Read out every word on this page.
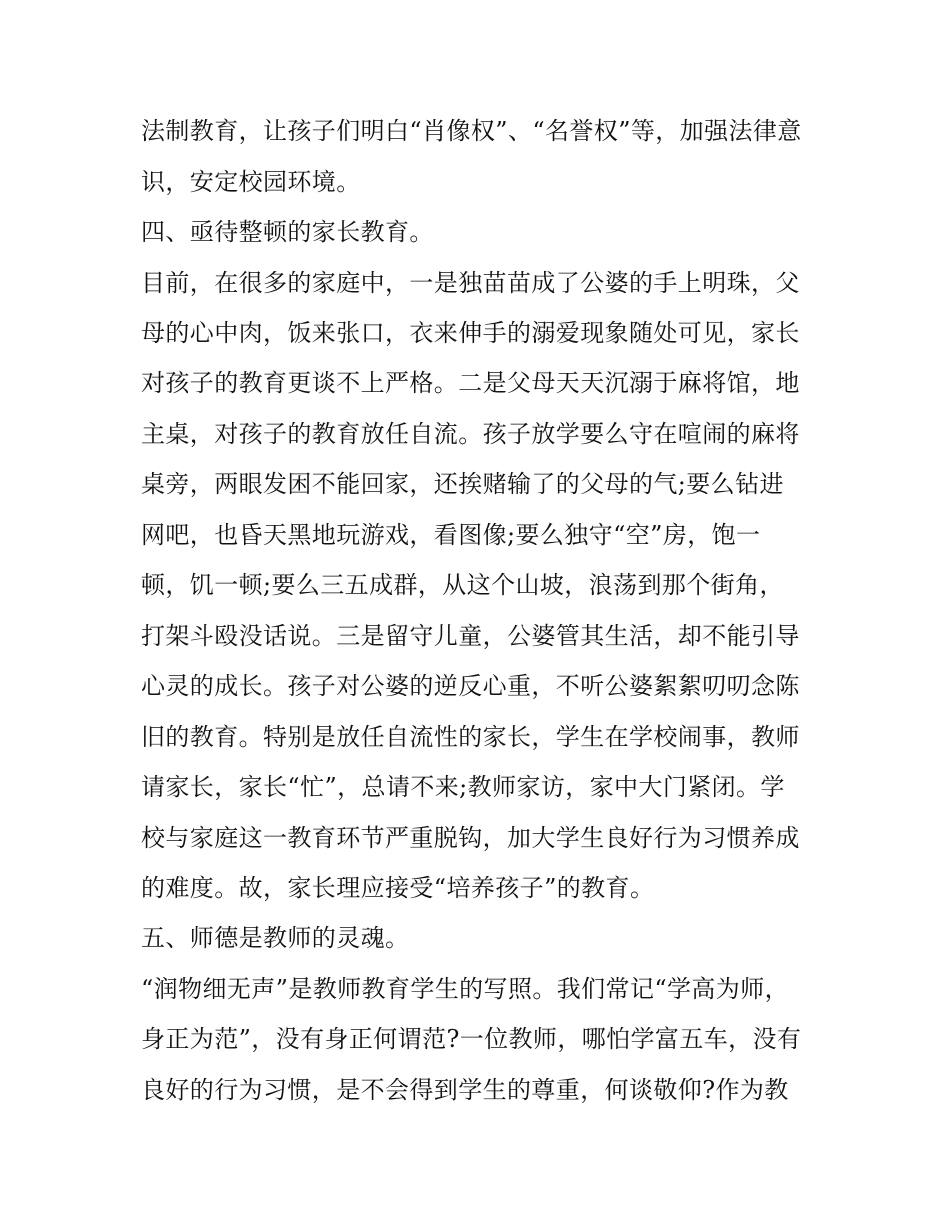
法制教育，让孩子们明白“肖像权”、“名誉权”等，加强法律意
识，安定校园环境。
四、亟待整顿的家长教育。
目前，在很多的家庭中，一是独苗苗成了公婆的手上明珠，父
母的心中肉，饭来张口，衣来伸手的溺爱现象随处可见，家长
对孩子的教育更谈不上严格。二是父母天天沉溺于麻将馆，地
主桌，对孩子的教育放任自流。孩子放学要么守在喧闹的麻将
桌旁，两眼发困不能回家，还挨赌输了的父母的气;要么钻进
网吧，也昏天黑地玩游戏，看图像;要么独守“空”房，饱一
顿，饥一顿;要么三五成群，从这个山坡，浪荡到那个街角，
打架斗殴没话说。三是留守儿童，公婆管其生活，却不能引导
心灵的成长。孩子对公婆的逆反心重，不听公婆絮絮叨叨念陈
旧的教育。特别是放任自流性的家长，学生在学校闹事，教师
请家长，家长“忙”，总请不来;教师家访，家中大门紧闭。学
校与家庭这一教育环节严重脱钩，加大学生良好行为习惯养成
的难度。故，家长理应接受“培养孩子”的教育。
五、师德是教师的灵魂。
“润物细无声”是教师教育学生的写照。我们常记“学高为师，
身正为范”，没有身正何谓范?一位教师，哪怕学富五车，没有
良好的行为习惯，是不会得到学生的尊重，何谈敬仰?作为教
